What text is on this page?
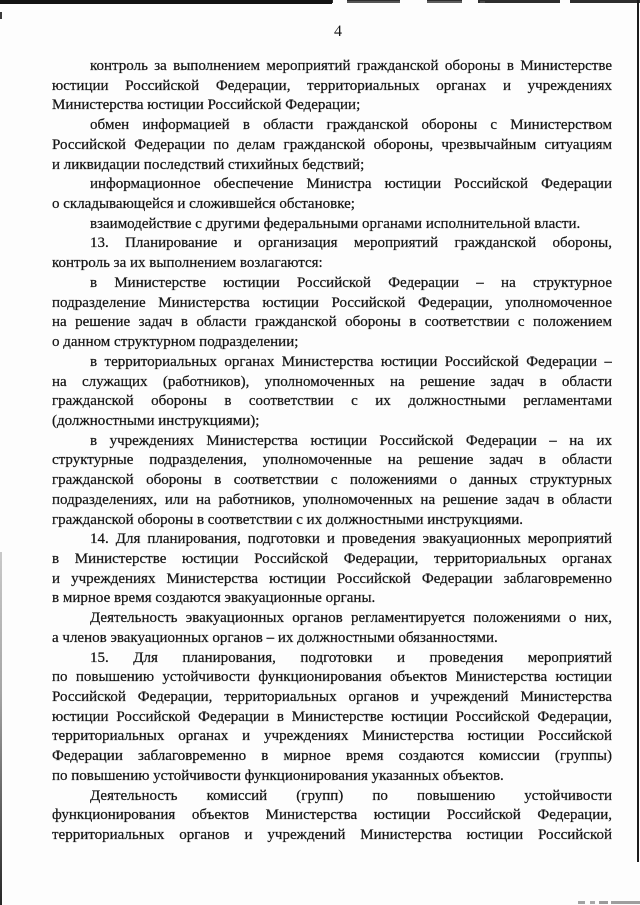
4
контроль за выполнением мероприятий гражданской обороны в Министерстве
юстиции Российской Федерации, территориальных органах и учреждениях
Министерства юстиции Российской Федерации;
обмен информацией в области гражданской обороны с Министерством
Российской Федерации по делам гражданской обороны, чрезвычайным ситуациям
и ликвидации последствий стихийных бедствий;
информационное обеспечение Министра юстиции Российской Федерации
о складывающейся и сложившейся обстановке;
взаимодействие с другими федеральными органами исполнительной власти.
13. Планирование и организация мероприятий гражданской обороны,
контроль за их выполнением возлагаются:
в Министерстве юстиции Российской Федерации – на структурное
подразделение Министерства юстиции Российской Федерации, уполномоченное
на решение задач в области гражданской обороны в соответствии с положением
о данном структурном подразделении;
в территориальных органах Министерства юстиции Российской Федерации –
на служащих (работников), уполномоченных на решение задач в области
гражданской обороны в соответствии с их должностными регламентами
(должностными инструкциями);
в учреждениях Министерства юстиции Российской Федерации – на их
структурные подразделения, уполномоченные на решение задач в области
гражданской обороны в соответствии с положениями о данных структурных
подразделениях, или на работников, уполномоченных на решение задач в области
гражданской обороны в соответствии с их должностными инструкциями.
14. Для планирования, подготовки и проведения эвакуационных мероприятий
в Министерстве юстиции Российской Федерации, территориальных органах
и учреждениях Министерства юстиции Российской Федерации заблаговременно
в мирное время создаются эвакуационные органы.
Деятельность эвакуационных органов регламентируется положениями о них,
а членов эвакуационных органов – их должностными обязанностями.
15. Для планирования, подготовки и проведения мероприятий
по повышению устойчивости функционирования объектов Министерства юстиции
Российской Федерации, территориальных органов и учреждений Министерства
юстиции Российской Федерации в Министерстве юстиции Российской Федерации,
территориальных органах и учреждениях Министерства юстиции Российской
Федерации заблаговременно в мирное время создаются комиссии (группы)
по повышению устойчивости функционирования указанных объектов.
Деятельность комиссий (групп) по повышению устойчивости
функционирования объектов Министерства юстиции Российской Федерации,
территориальных органов и учреждений Министерства юстиции Российской
